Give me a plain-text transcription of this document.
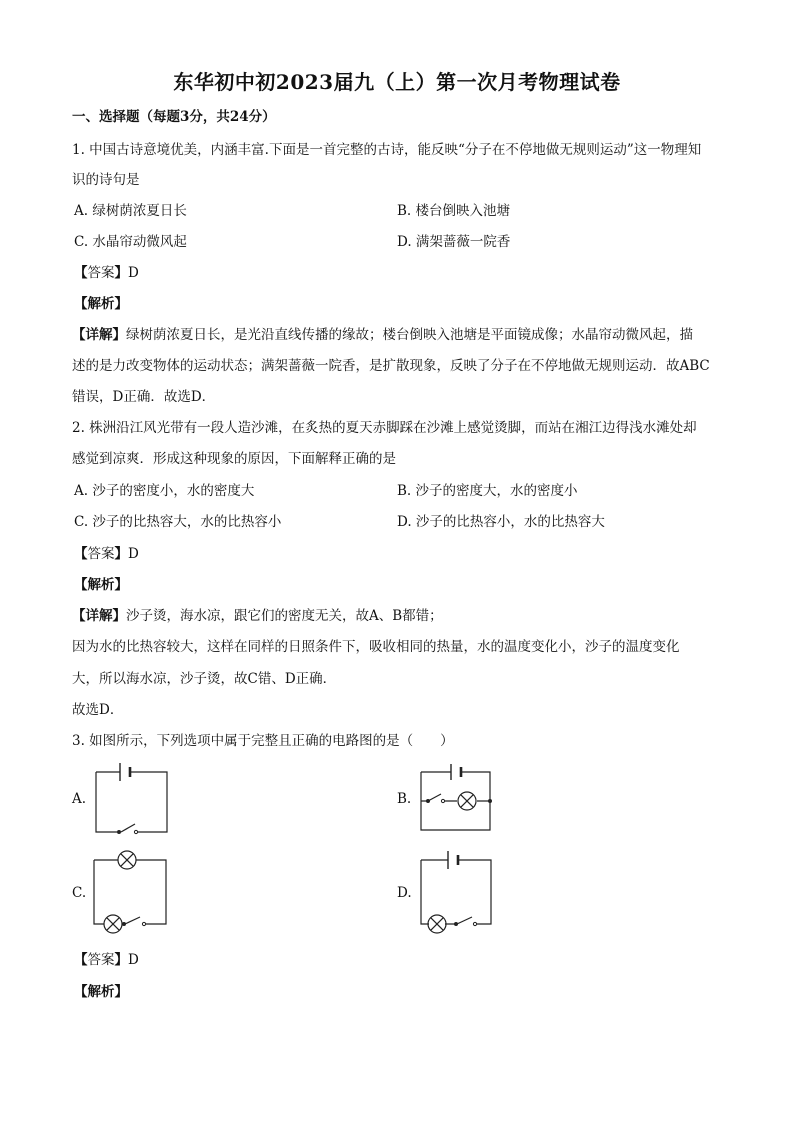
东华初中初2023届九（上）第一次月考物理试卷
一、选择题（每题3分，共24分）
1. 中国古诗意境优美，内涵丰富.下面是一首完整的古诗，能反映“分子在不停地做无规则运动”这一物理知
识的诗句是
A. 绿树荫浓夏日长	B. 楼台倒映入池塘
C. 水晶帘动微风起	D. 满架蔷薇一院香
【答案】D
【解析】
【详解】绿树荫浓夏日长，是光沿直线传播的缘故；楼台倒映入池塘是平面镜成像；水晶帘动微风起，描
述的是力改变物体的运动状态；满架蔷薇一院香，是扩散现象，反映了分子在不停地做无规则运动．故ABC
错误，D正确．故选D．
2. 株洲沿江风光带有一段人造沙滩，在炙热的夏天赤脚踩在沙滩上感觉烫脚，而站在湘江边得浅水滩处却
感觉到凉爽．形成这种现象的原因，下面解释正确的是
A. 沙子的密度小，水的密度大	B. 沙子的密度大，水的密度小
C. 沙子的比热容大，水的比热容小	D. 沙子的比热容小，水的比热容大
【答案】D
【解析】
【详解】沙子烫，海水凉，跟它们的密度无关，故A、B都错；
因为水的比热容较大，这样在同样的日照条件下，吸收相同的热量，水的温度变化小，沙子的温度变化
大，所以海水凉，沙子烫，故C错、D正确．
故选D．
3. 如图所示，下列选项中属于完整且正确的电路图的是（　　）
A.	B.
C.	D.
【答案】D
【解析】
